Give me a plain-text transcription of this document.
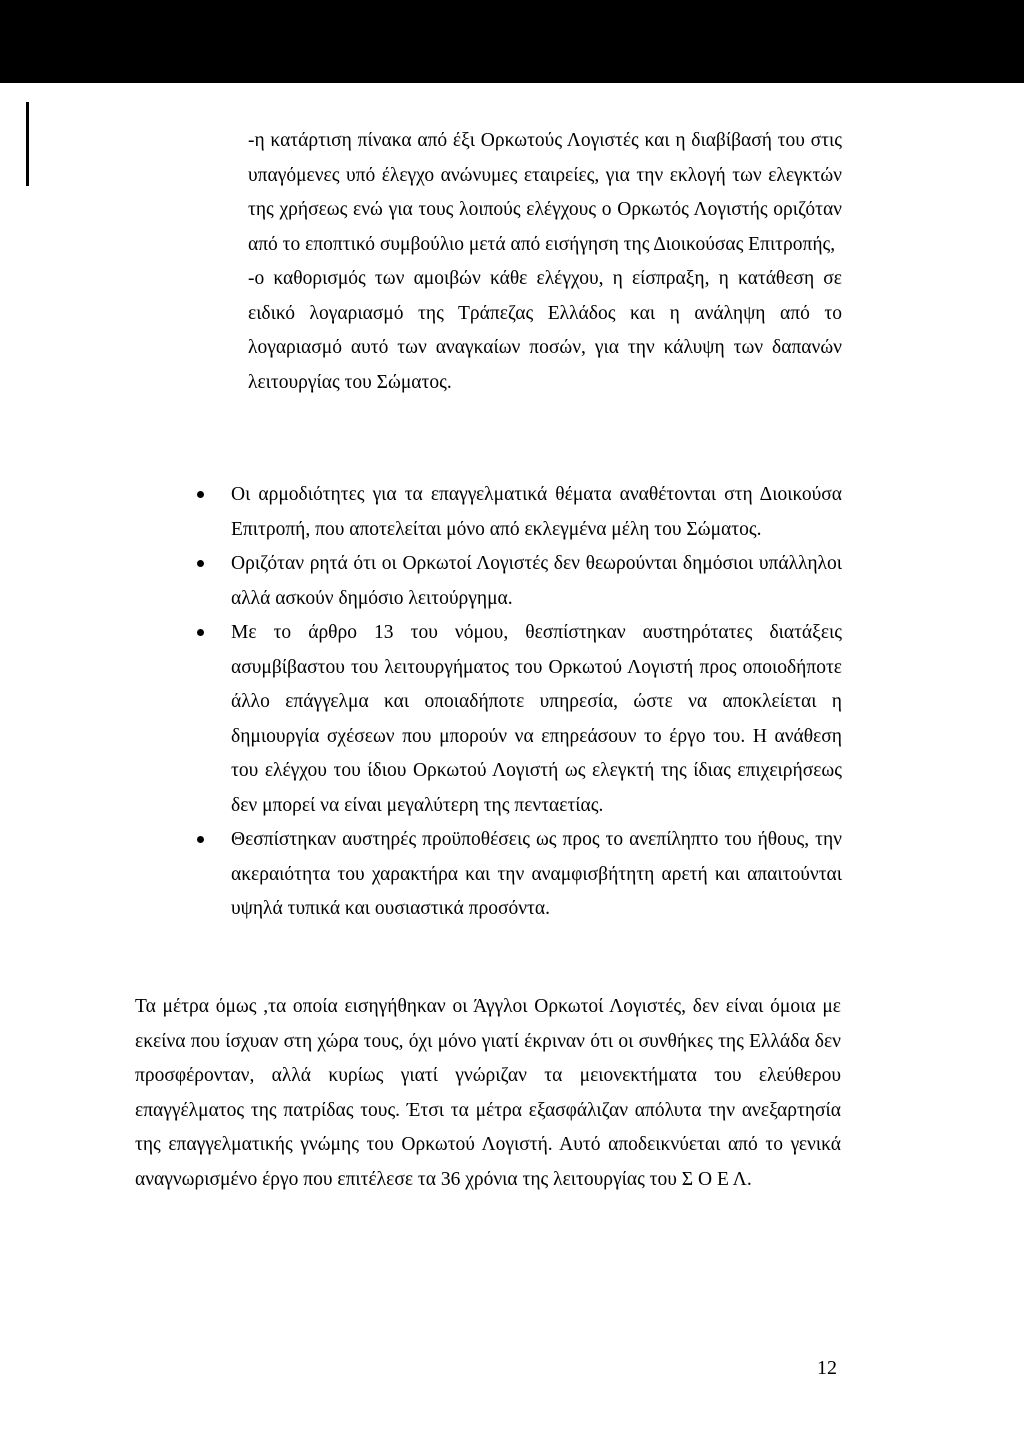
-η κατάρτιση πίνακα από έξι Ορκωτούς Λογιστές και η διαβίβασή του στις υπαγόμενες υπό έλεγχο ανώνυμες εταιρείες, για την εκλογή των ελεγκτών της χρήσεως ενώ για τους λοιπούς ελέγχους ο Ορκωτός Λογιστής οριζόταν από το εποπτικό συμβούλιο μετά από εισήγηση της Διοικούσας Επιτροπής,

-ο καθορισμός των αμοιβών κάθε ελέγχου, η είσπραξη, η κατάθεση σε ειδικό λογαριασμό της Τράπεζας Ελλάδος και η ανάληψη από το λογαριασμό αυτό των αναγκαίων ποσών, για την κάλυψη των δαπανών λειτουργίας του Σώματος.

Οι αρμοδιότητες για τα επαγγελματικά θέματα αναθέτονται στη Διοικούσα Επιτροπή, που αποτελείται μόνο από εκλεγμένα μέλη του Σώματος.
Οριζόταν ρητά ότι οι Ορκωτοί Λογιστές δεν θεωρούνται δημόσιοι υπάλληλοι αλλά ασκούν δημόσιο λειτούργημα.
Με το άρθρο 13 του νόμου, θεσπίστηκαν αυστηρότατες διατάξεις ασυμβίβαστου του λειτουργήματος του Ορκωτού Λογιστή προς οποιοδήποτε άλλο επάγγελμα και οποιαδήποτε υπηρεσία, ώστε να αποκλείεται η δημιουργία σχέσεων που μπορούν να επηρεάσουν το έργο του. Η ανάθεση του ελέγχου του ίδιου Ορκωτού Λογιστή ως ελεγκτή της ίδιας επιχειρήσεως δεν μπορεί να είναι μεγαλύτερη της πενταετίας.
Θεσπίστηκαν αυστηρές προϋποθέσεις ως προς το ανεπίληπτο του ήθους, την ακεραιότητα του χαρακτήρα και την αναμφισβήτητη αρετή και απαιτούνται υψηλά τυπικά και ουσιαστικά προσόντα.

Τα μέτρα όμως ,τα οποία εισηγήθηκαν οι Άγγλοι Ορκωτοί Λογιστές, δεν είναι όμοια με εκείνα που ίσχυαν στη χώρα τους, όχι μόνο γιατί έκριναν ότι οι συνθήκες της Ελλάδα δεν προσφέρονταν, αλλά κυρίως γιατί γνώριζαν τα μειονεκτήματα του ελεύθερου επαγγέλματος της πατρίδας τους. Έτσι τα μέτρα εξασφάλιζαν απόλυτα την ανεξαρτησία της επαγγελματικής γνώμης του Ορκωτού Λογιστή. Αυτό αποδεικνύεται από το γενικά αναγνωρισμένο έργο που επιτέλεσε τα 36 χρόνια της λειτουργίας του Σ Ο Ε Λ.

12
